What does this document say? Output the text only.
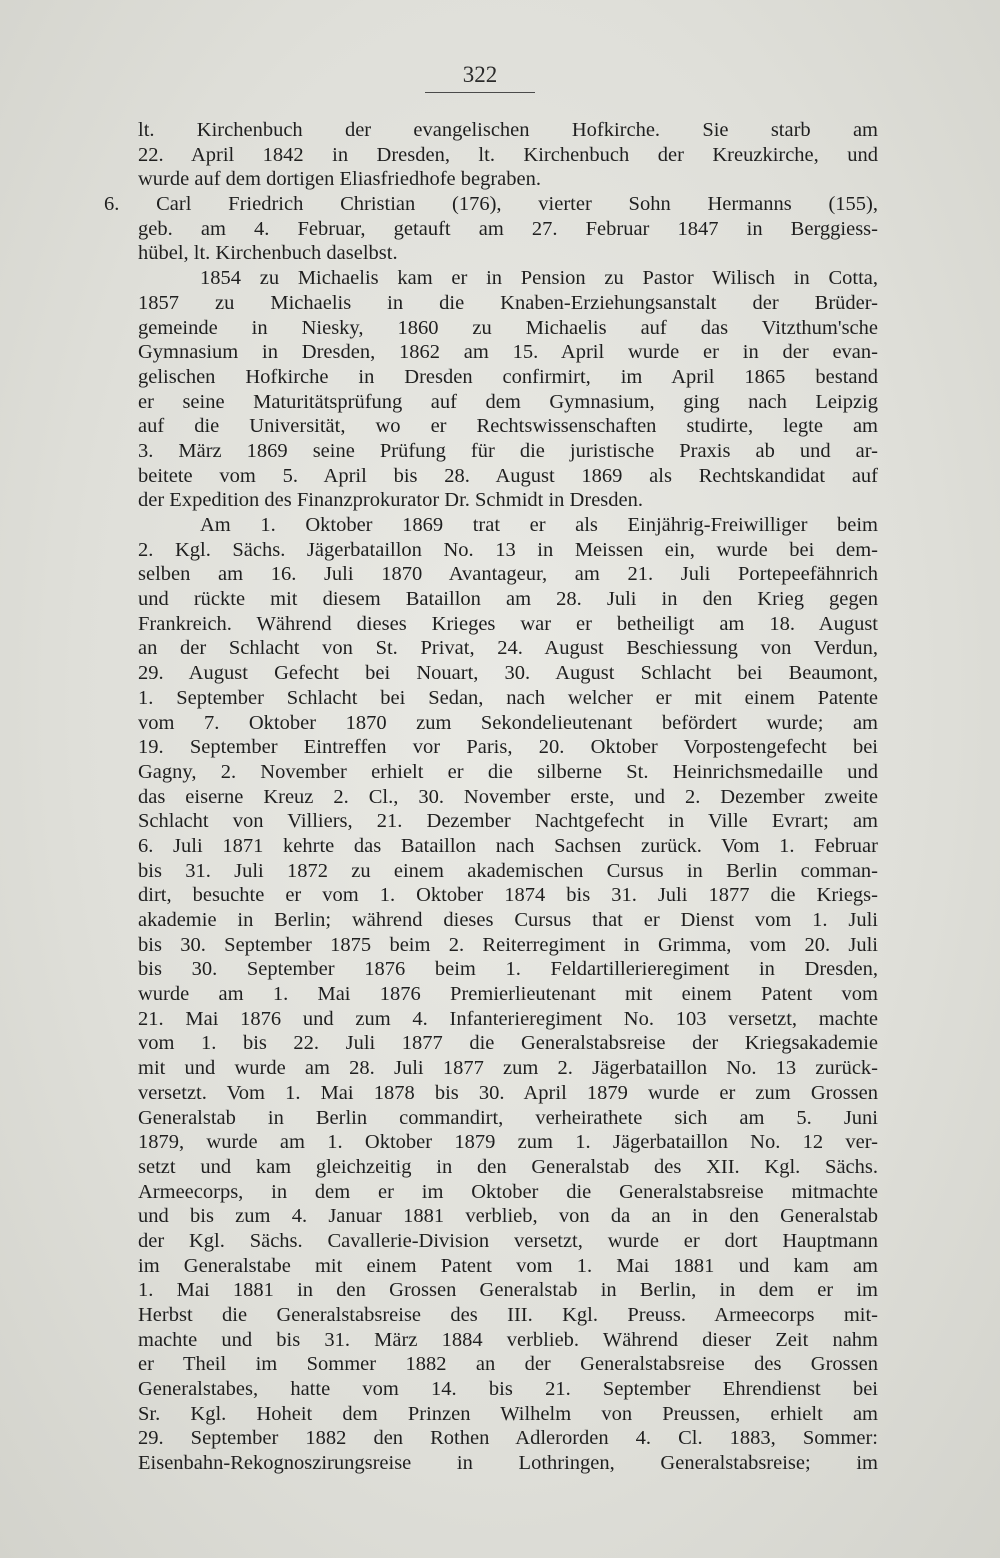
322
lt. Kirchenbuch der evangelischen Hofkirche. Sie starb am
22. April 1842 in Dresden, lt. Kirchenbuch der Kreuzkirche, und
wurde auf dem dortigen Eliasfriedhofe begraben.
6. Carl Friedrich Christian (176), vierter Sohn Hermanns (155),
geb. am 4. Februar, getauft am 27. Februar 1847 in Berggiess-
hübel, lt. Kirchenbuch daselbst.
1854 zu Michaelis kam er in Pension zu Pastor Wilisch in Cotta,
1857 zu Michaelis in die Knaben-Erziehungsanstalt der Brüder-
gemeinde in Niesky, 1860 zu Michaelis auf das Vitzthum'sche
Gymnasium in Dresden, 1862 am 15. April wurde er in der evan-
gelischen Hofkirche in Dresden confirmirt, im April 1865 bestand
er seine Maturitätsprüfung auf dem Gymnasium, ging nach Leipzig
auf die Universität, wo er Rechtswissenschaften studirte, legte am
3. März 1869 seine Prüfung für die juristische Praxis ab und ar-
beitete vom 5. April bis 28. August 1869 als Rechtskandidat auf
der Expedition des Finanzprokurator Dr. Schmidt in Dresden.
Am 1. Oktober 1869 trat er als Einjährig-Freiwilliger beim
2. Kgl. Sächs. Jägerbataillon No. 13 in Meissen ein, wurde bei dem-
selben am 16. Juli 1870 Avantageur, am 21. Juli Portepeefähnrich
und rückte mit diesem Bataillon am 28. Juli in den Krieg gegen
Frankreich. Während dieses Krieges war er betheiligt am 18. August
an der Schlacht von St. Privat, 24. August Beschiessung von Verdun,
29. August Gefecht bei Nouart, 30. August Schlacht bei Beaumont,
1. September Schlacht bei Sedan, nach welcher er mit einem Patente
vom 7. Oktober 1870 zum Sekondelieutenant befördert wurde; am
19. September Eintreffen vor Paris, 20. Oktober Vorpostengefecht bei
Gagny, 2. November erhielt er die silberne St. Heinrichsmedaille und
das eiserne Kreuz 2. Cl., 30. November erste, und 2. Dezember zweite
Schlacht von Villiers, 21. Dezember Nachtgefecht in Ville Evrart; am
6. Juli 1871 kehrte das Bataillon nach Sachsen zurück. Vom 1. Februar
bis 31. Juli 1872 zu einem akademischen Cursus in Berlin comman-
dirt, besuchte er vom 1. Oktober 1874 bis 31. Juli 1877 die Kriegs-
akademie in Berlin; während dieses Cursus that er Dienst vom 1. Juli
bis 30. September 1875 beim 2. Reiterregiment in Grimma, vom 20. Juli
bis 30. September 1876 beim 1. Feldartillerieregiment in Dresden,
wurde am 1. Mai 1876 Premierlieutenant mit einem Patent vom
21. Mai 1876 und zum 4. Infanterieregiment No. 103 versetzt, machte
vom 1. bis 22. Juli 1877 die Generalstabsreise der Kriegsakademie
mit und wurde am 28. Juli 1877 zum 2. Jägerbataillon No. 13 zurück-
versetzt. Vom 1. Mai 1878 bis 30. April 1879 wurde er zum Grossen
Generalstab in Berlin commandirt, verheirathete sich am 5. Juni
1879, wurde am 1. Oktober 1879 zum 1. Jägerbataillon No. 12 ver-
setzt und kam gleichzeitig in den Generalstab des XII. Kgl. Sächs.
Armeecorps, in dem er im Oktober die Generalstabsreise mitmachte
und bis zum 4. Januar 1881 verblieb, von da an in den Generalstab
der Kgl. Sächs. Cavallerie-Division versetzt, wurde er dort Hauptmann
im Generalstabe mit einem Patent vom 1. Mai 1881 und kam am
1. Mai 1881 in den Grossen Generalstab in Berlin, in dem er im
Herbst die Generalstabsreise des III. Kgl. Preuss. Armeecorps mit-
machte und bis 31. März 1884 verblieb. Während dieser Zeit nahm
er Theil im Sommer 1882 an der Generalstabsreise des Grossen
Generalstabes, hatte vom 14. bis 21. September Ehrendienst bei
Sr. Kgl. Hoheit dem Prinzen Wilhelm von Preussen, erhielt am
29. September 1882 den Rothen Adlerorden 4. Cl. 1883, Sommer:
Eisenbahn-Rekognoszirungsreise in Lothringen, Generalstabsreise; im
